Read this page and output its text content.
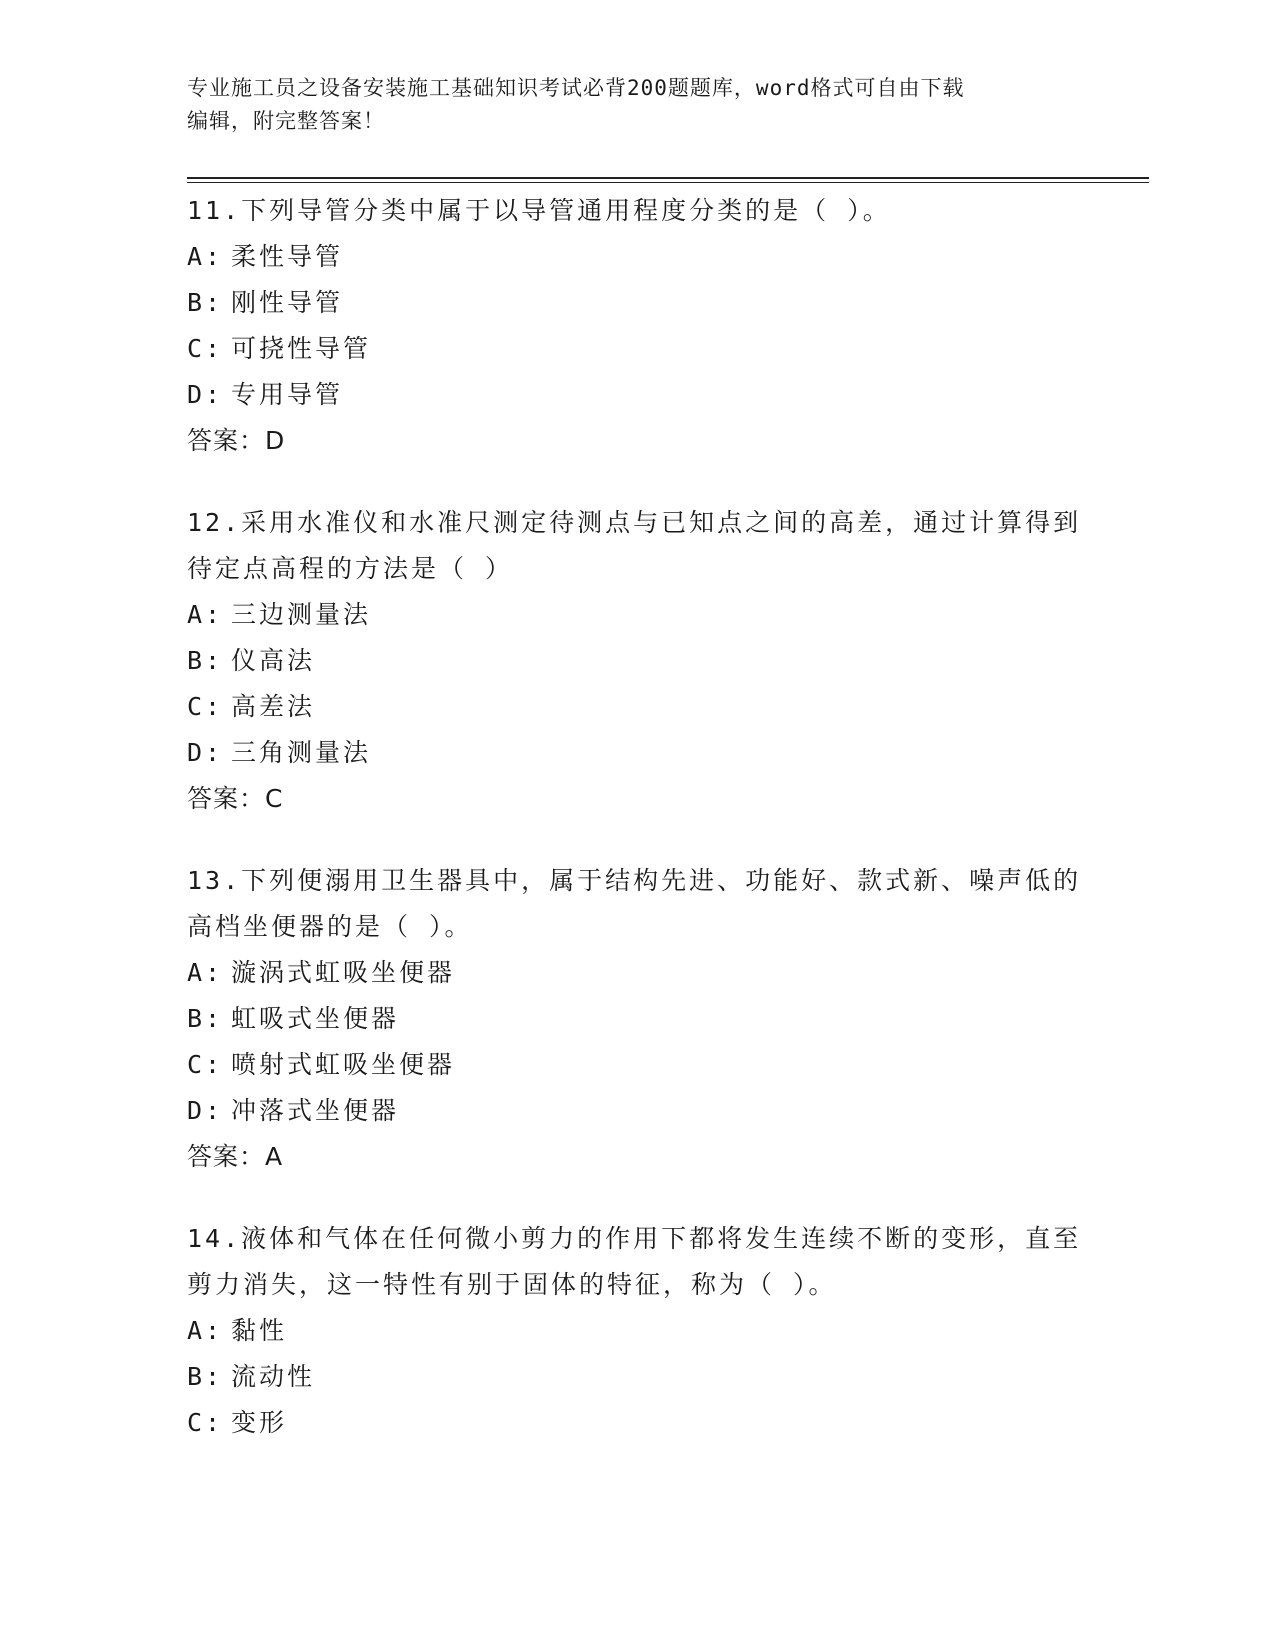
专业施工员之设备安装施工基础知识考试必背200题题库，word格式可自由下载
编辑，附完整答案！
11.下列导管分类中属于以导管通用程度分类的是（ ）。
A: 柔性导管
B: 刚性导管
C: 可挠性导管
D: 专用导管
答案：D
12.采用水准仪和水准尺测定待测点与已知点之间的高差，通过计算得到待定点高程的方法是（ ）
A: 三边测量法
B: 仪高法
C: 高差法
D: 三角测量法
答案：C
13.下列便溺用卫生器具中，属于结构先进、功能好、款式新、噪声低的高档坐便器的是（ ）。
A: 漩涡式虹吸坐便器
B: 虹吸式坐便器
C: 喷射式虹吸坐便器
D: 冲落式坐便器
答案：A
14.液体和气体在任何微小剪力的作用下都将发生连续不断的变形，直至剪力消失，这一特性有别于固体的特征，称为（ ）。
A: 黏性
B: 流动性
C: 变形
